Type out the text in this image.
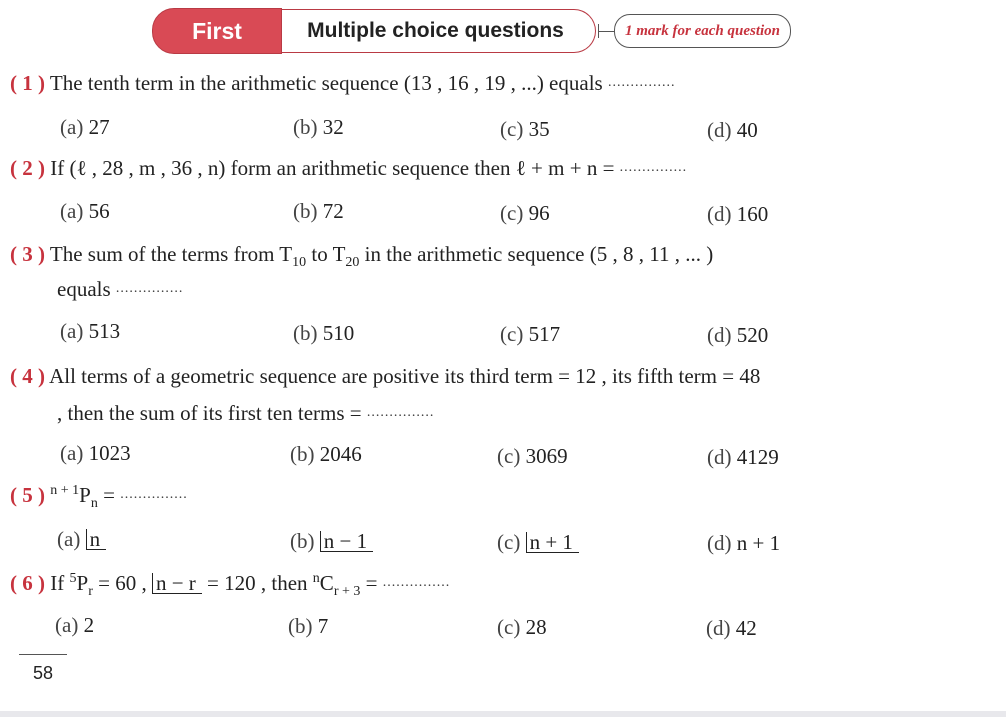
First	Multiple choice questions	1 mark for each question
( 1 ) The tenth term in the arithmetic sequence (13 , 16 , 19 , ...) equals ...............
(a) 27	(b) 32	(c) 35	(d) 40
( 2 ) If (ℓ , 28 , m , 36 , n) form an arithmetic sequence then ℓ + m + n = ...............
(a) 56	(b) 72	(c) 96	(d) 160
( 3 ) The sum of the terms from $T_{10}$ to $T_{20}$ in the arithmetic sequence (5 , 8 , 11 , ... )
equals ...............
(a) 513	(b) 510	(c) 517	(d) 520
( 4 ) All terms of a geometric sequence are positive its third term = 12 , its fifth term = 48
, then the sum of its first ten terms = ...............
(a) 1023	(b) 2046	(c) 3069	(d) 4129
( 5 ) $^{n + 1}P_n$ = ...............
(a) n	(b) n − 1	(c) n + 1	(d) n + 1
( 6 ) If $^5P_r = 60$ , n − r = 120 , then $^nC_{r + 3}$ = ...............
(a) 2	(b) 7	(c) 28	(d) 42
58
